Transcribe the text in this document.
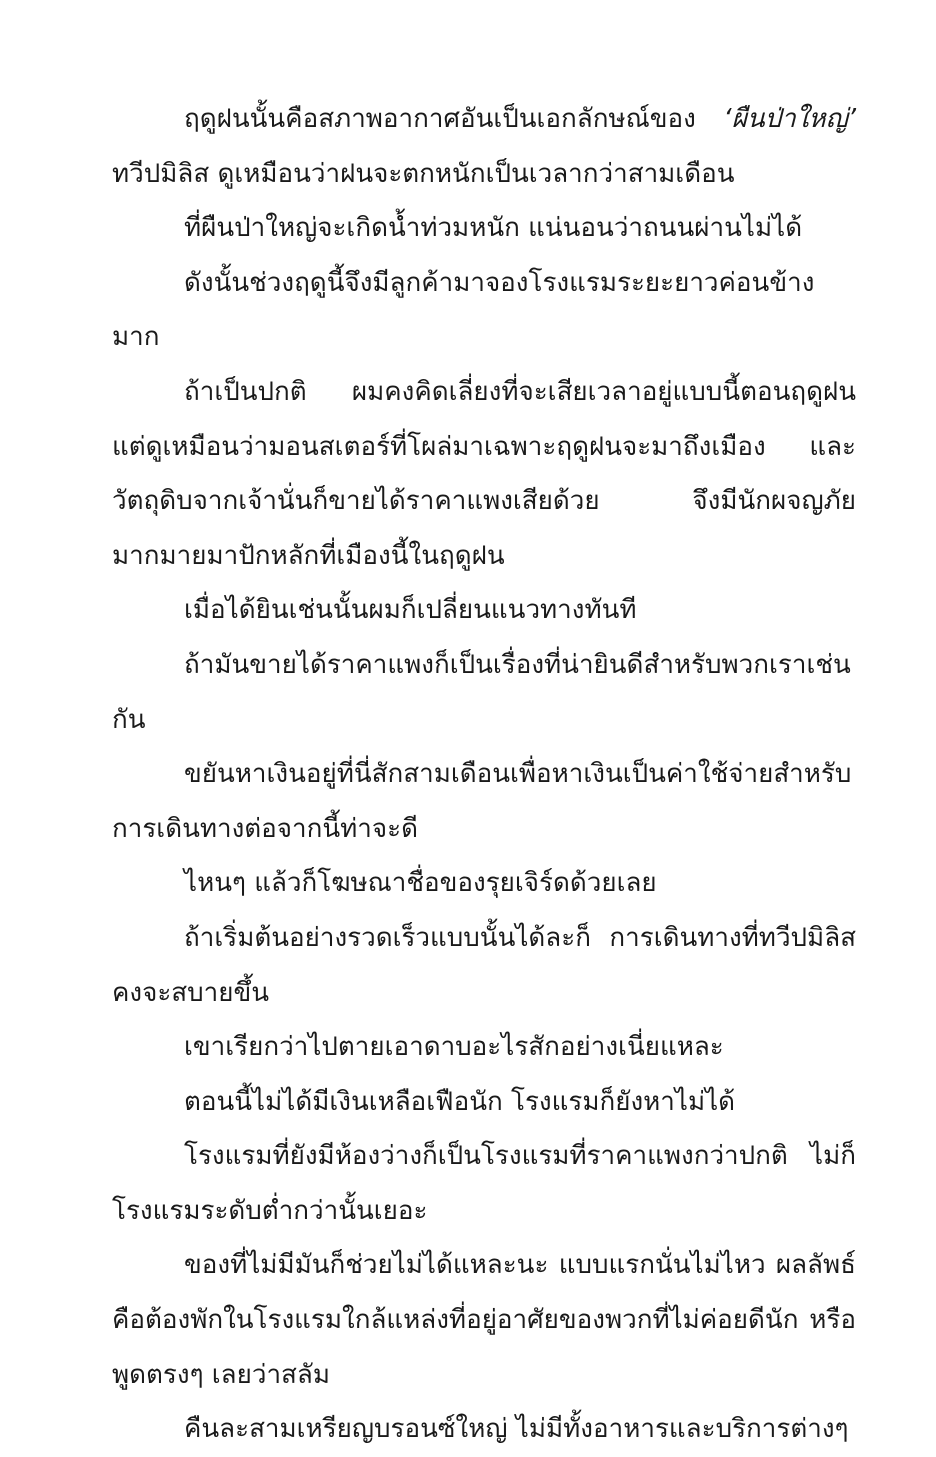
ฤดูฝนนั้นคือสภาพอากาศอันเป็นเอกลักษณ์ของ ‘ผืนป่าใหญ่’ ทวีปมิลิส ดูเหมือนว่าฝนจะตกหนักเป็นเวลากว่าสามเดือน

ที่ผืนป่าใหญ่จะเกิดน้ำท่วมหนัก แน่นอนว่าถนนผ่านไม่ได้

ดังนั้นช่วงฤดูนี้จึงมีลูกค้ามาจองโรงแรมระยะยาวค่อนข้างมาก

ถ้าเป็นปกติ ผมคงคิดเลี่ยงที่จะเสียเวลาอยู่แบบนี้ตอนฤดูฝน แต่ดูเหมือนว่ามอนสเตอร์ที่โผล่มาเฉพาะฤดูฝนจะมาถึงเมือง และวัตถุดิบจากเจ้านั่นก็ขายได้ราคาแพงเสียด้วย จึงมีนักผจญภัยมากมายมาปักหลักที่เมืองนี้ในฤดูฝน

เมื่อได้ยินเช่นนั้นผมก็เปลี่ยนแนวทางทันที

ถ้ามันขายได้ราคาแพงก็เป็นเรื่องที่น่ายินดีสำหรับพวกเราเช่นกัน

ขยันหาเงินอยู่ที่นี่สักสามเดือนเพื่อหาเงินเป็นค่าใช้จ่ายสำหรับการเดินทางต่อจากนี้ท่าจะดี

ไหนๆ แล้วก็โฆษณาชื่อของรุยเจิร์ดด้วยเลย

ถ้าเริ่มต้นอย่างรวดเร็วแบบนั้นได้ละก็ การเดินทางที่ทวีปมิลิสคงจะสบายขึ้น

เขาเรียกว่าไปตายเอาดาบอะไรสักอย่างเนี่ยแหละ

ตอนนี้ไม่ได้มีเงินเหลือเฟือนัก โรงแรมก็ยังหาไม่ได้

โรงแรมที่ยังมีห้องว่างก็เป็นโรงแรมที่ราคาแพงกว่าปกติ ไม่ก็โรงแรมระดับต่ำกว่านั้นเยอะ

ของที่ไม่มีมันก็ช่วยไม่ได้แหละนะ แบบแรกนั่นไม่ไหว ผลลัพธ์คือต้องพักในโรงแรมใกล้แหล่งที่อยู่อาศัยของพวกที่ไม่ค่อยดีนัก หรือพูดตรงๆ เลยว่าสลัม

คืนละสามเหรียญบรอนซ์ใหญ่ ไม่มีทั้งอาหารและบริการต่างๆ
